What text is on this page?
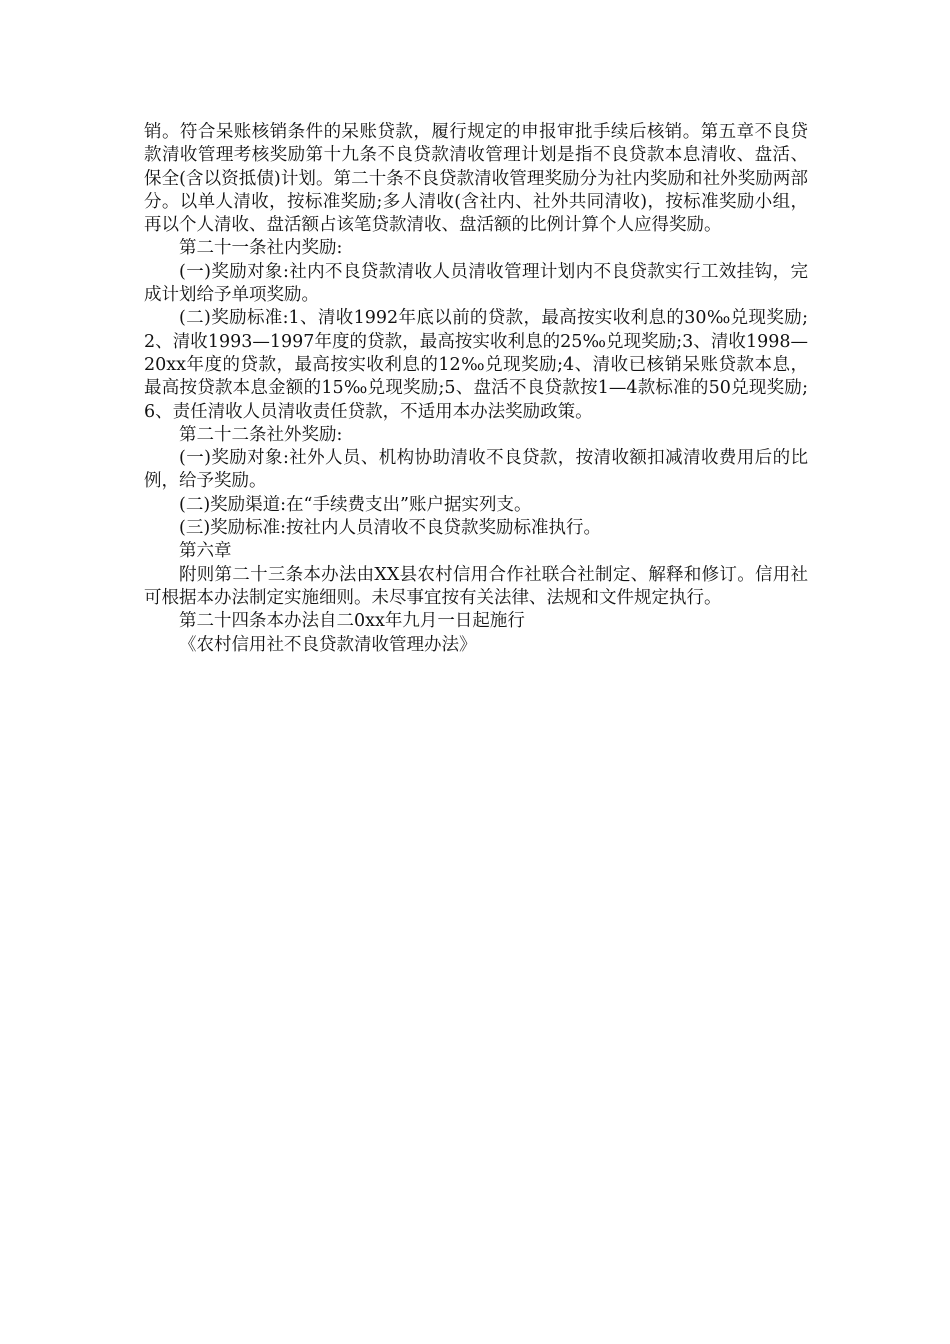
销。符合呆账核销条件的呆账贷款，履行规定的申报审批手续后核销。第五章不良贷款清收管理考核奖励第十九条不良贷款清收管理计划是指不良贷款本息清收、盘活、保全(含以资抵债)计划。第二十条不良贷款清收管理奖励分为社内奖励和社外奖励两部分。以单人清收，按标准奖励;多人清收(含社内、社外共同清收)，按标准奖励小组，再以个人清收、盘活额占该笔贷款清收、盘活额的比例计算个人应得奖励。

第二十一条社内奖励:

(一)奖励对象:社内不良贷款清收人员清收管理计划内不良贷款实行工效挂钩，完成计划给予单项奖励。

(二)奖励标准:1、清收1992年底以前的贷款，最高按实收利息的30‰兑现奖励;2、清收1993—1997年度的贷款，最高按实收利息的25‰兑现奖励;3、清收1998—20xx年度的贷款，最高按实收利息的12‰兑现奖励;4、清收已核销呆账贷款本息，最高按贷款本息金额的15‰兑现奖励;5、盘活不良贷款按1—4款标准的50兑现奖励;6、责任清收人员清收责任贷款，不适用本办法奖励政策。

第二十二条社外奖励:

(一)奖励对象:社外人员、机构协助清收不良贷款，按清收额扣减清收费用后的比例，给予奖励。

(二)奖励渠道:在“手续费支出”账户据实列支。

(三)奖励标准:按社内人员清收不良贷款奖励标准执行。

第六章

附则第二十三条本办法由XX县农村信用合作社联合社制定、解释和修订。信用社可根据本办法制定实施细则。未尽事宜按有关法律、法规和文件规定执行。

第二十四条本办法自二0xx年九月一日起施行

《农村信用社不良贷款清收管理办法》
